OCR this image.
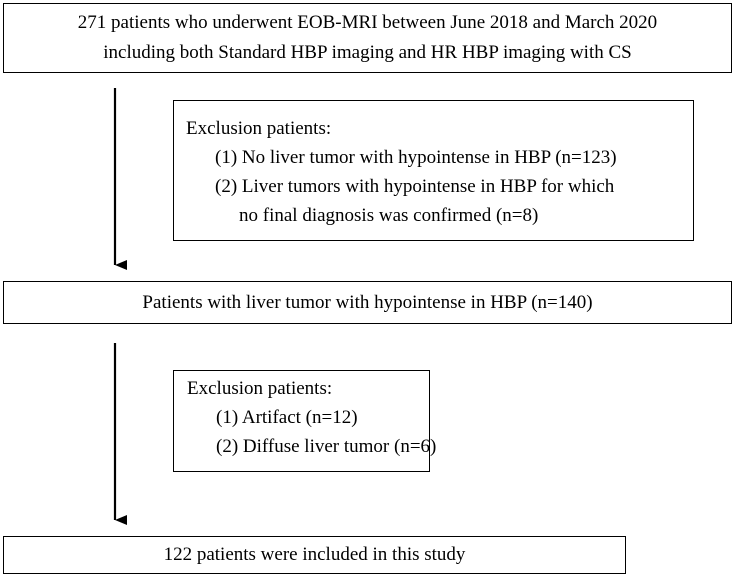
271 patients who underwent EOB-MRI between June 2018 and March 2020
including both Standard HBP imaging and HR HBP imaging with CS
Exclusion patients:
(1) No liver tumor with hypointense in HBP (n=123)
(2) Liver tumors with hypointense in HBP for which
no final diagnosis was confirmed (n=8)
Patients with liver tumor with hypointense in HBP (n=140)
Exclusion patients:
(1) Artifact (n=12)
(2) Diffuse liver tumor (n=6)
122 patients were included in this study
